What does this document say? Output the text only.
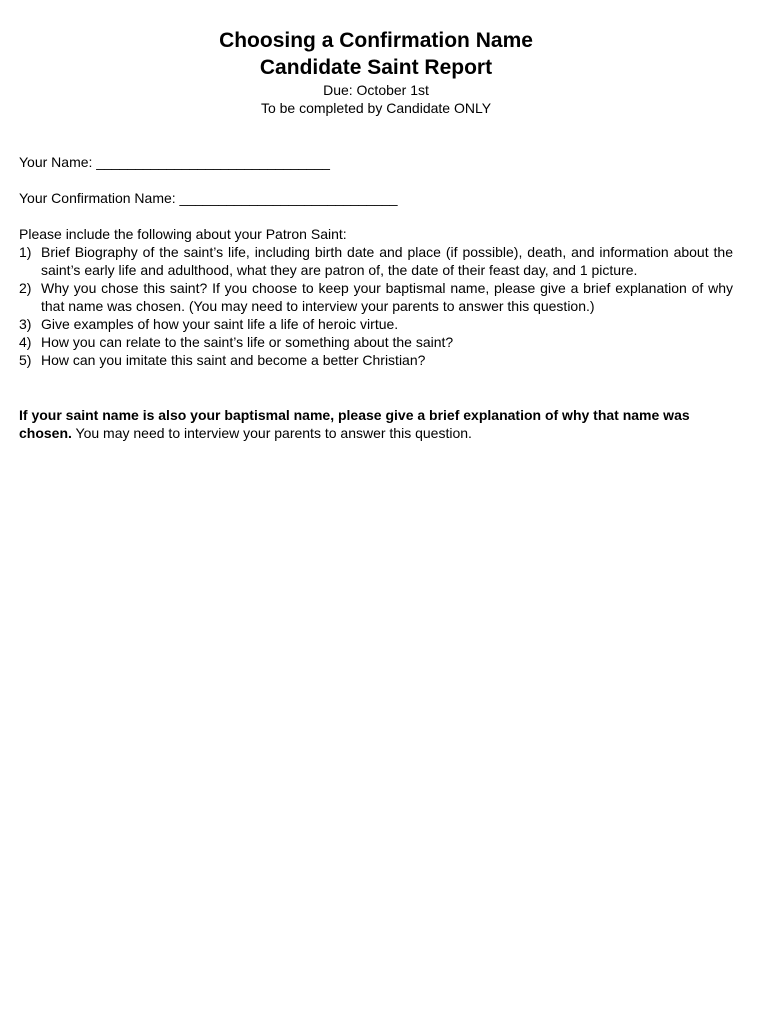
Choosing a Confirmation Name

Candidate Saint Report

Due: October 1st

To be completed by Candidate ONLY

Your Name: ______________________________
Your Confirmation Name: ____________________________
Please include the following about your Patron Saint:
1) Brief Biography of the saint’s life, including birth date and place (if possible), death, and information about the saint’s early life and adulthood, what they are patron of, the date of their feast day, and 1 picture.
2) Why you chose this saint? If you choose to keep your baptismal name, please give a brief explanation of why that name was chosen. (You may need to interview your parents to answer this question.)
3) Give examples of how your saint life a life of heroic virtue.
4) How you can relate to the saint’s life or something about the saint?
5) How can you imitate this saint and become a better Christian?
If your saint name is also your baptismal name, please give a brief explanation of why that name was chosen. You may need to interview your parents to answer this question.
